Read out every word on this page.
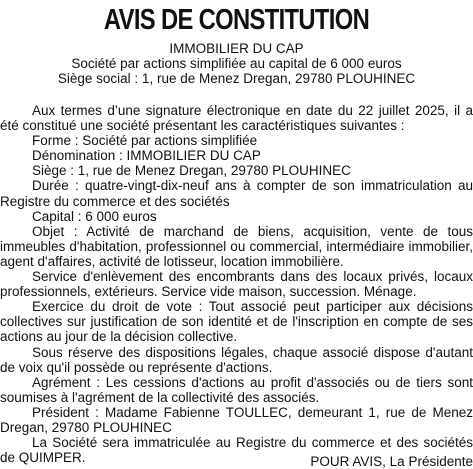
AVIS DE CONSTITUTION
IMMOBILIER DU CAP
Société par actions simplifiée au capital de 6 000 euros
Siège social : 1, rue de Menez Dregan, 29780 PLOUHINEC

Aux termes d’une signature électronique en date du 22 juillet 2025, il a été constitué une société présentant les caractéristiques suivantes :

Forme : Société par actions simplifiée

Dénomination : IMMOBILIER DU CAP

Siège : 1, rue de Menez Dregan, 29780 PLOUHINEC

Durée : quatre-vingt-dix-neuf ans à compter de son immatriculation au Registre du commerce et des sociétés

Capital : 6 000 euros

Objet : Activité de marchand de biens, acquisition, vente de tous immeubles d'habitation, professionnel ou commercial, intermédiaire immobilier, agent d'affaires, activité de lotisseur, location immobilière.

Service d'enlèvement des encombrants dans des locaux privés, locaux professionnels, extérieurs. Service vide maison, succession. Ménage.

Exercice du droit de vote : Tout associé peut participer aux décisions collectives sur justification de son identité et de l'inscription en compte de ses actions au jour de la décision collective.

Sous réserve des dispositions légales, chaque associé dispose d'autant de voix qu'il possède ou représente d'actions.

Agrément : Les cessions d'actions au profit d'associés ou de tiers sont soumises à l'agrément de la collectivité des associés.

Président : Madame Fabienne TOULLEC, demeurant 1, rue de Menez Dregan, 29780 PLOUHINEC

La Société sera immatriculée au Registre du commerce et des sociétés de QUIMPER.	POUR AVIS, La Présidente
